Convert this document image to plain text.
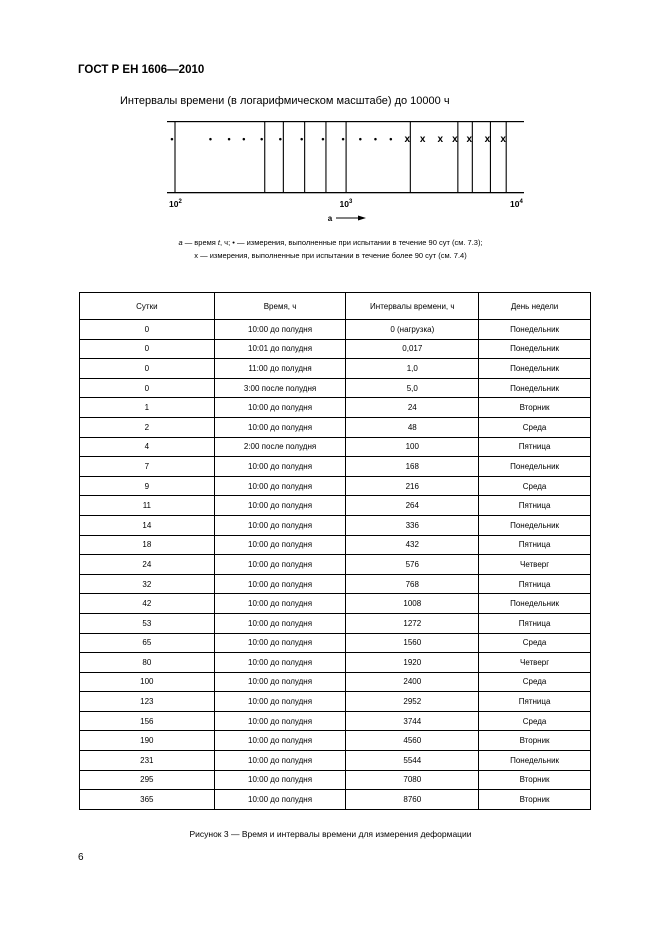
ГОСТ Р ЕН 1606—2010
Интервалы времени (в логарифмическом масштабе) до 10000 ч
•	• • • • • • • • • • • x x x x x x x
$10^2$	$10^3$	$10^4$
a
a — время t, ч; • — измерения, выполненные при испытании в течение 90 сут (см. 7.3);
x — измерения, выполненные при испытании в течение более 90 сут (см. 7.4)
Сутки	Время, ч	Интервалы времени, ч	День недели
0	10:00 до полудня	0 (нагрузка)	Понедельник
0	10:01 до полудня	0,017	Понедельник
0	11:00 до полудня	1,0	Понедельник
0	3:00 после полудня	5,0	Понедельник
1	10:00 до полудня	24	Вторник
2	10:00 до полудня	48	Среда
4	2:00 после полудня	100	Пятница
7	10:00 до полудня	168	Понедельник
9	10:00 до полудня	216	Среда
11	10:00 до полудня	264	Пятница
14	10:00 до полудня	336	Понедельник
18	10:00 до полудня	432	Пятница
24	10:00 до полудня	576	Четверг
32	10:00 до полудня	768	Пятница
42	10:00 до полудня	1008	Понедельник
53	10:00 до полудня	1272	Пятница
65	10:00 до полудня	1560	Среда
80	10:00 до полудня	1920	Четверг
100	10:00 до полудня	2400	Среда
123	10:00 до полудня	2952	Пятница
156	10:00 до полудня	3744	Среда
190	10:00 до полудня	4560	Вторник
231	10:00 до полудня	5544	Понедельник
295	10:00 до полудня	7080	Вторник
365	10:00 до полудня	8760	Вторник
Рисунок 3 — Время и интервалы времени для измерения деформации
6
